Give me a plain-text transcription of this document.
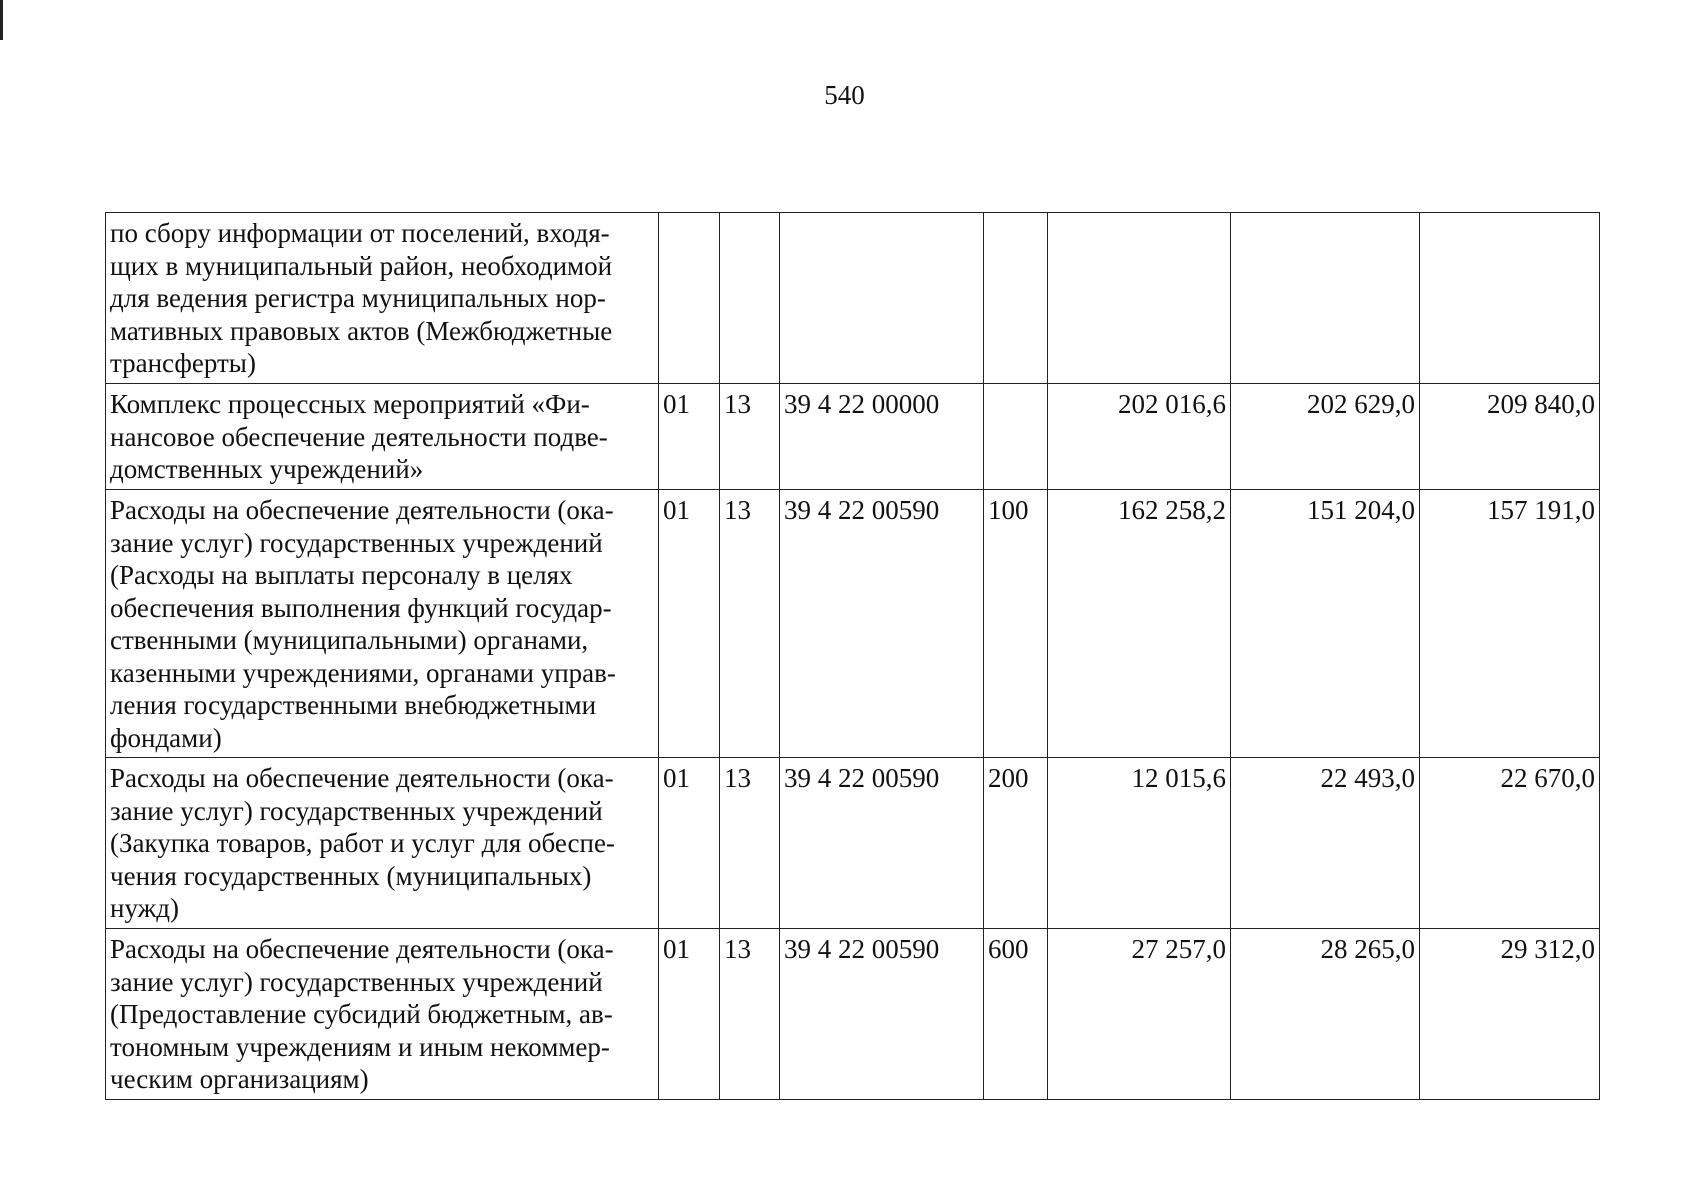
540
по сбору информации от поселений, входя-щих в муниципальный район, необходимой для ведения регистра муниципальных нор-мативных правовых актов (Межбюджетные трансферты)							
Комплекс процессных мероприятий «Фи-нансовое обеспечение деятельности подве-домственных учреждений»	01	13	39 4 22 00000		202 016,6	202 629,0	209 840,0
Расходы на обеспечение деятельности (ока-зание услуг) государственных учреждений (Расходы на выплаты персоналу в целях обеспечения выполнения функций государ-ственными (муниципальными) органами, казенными учреждениями, органами управ-ления государственными внебюджетными фондами)	01	13	39 4 22 00590	100	162 258,2	151 204,0	157 191,0
Расходы на обеспечение деятельности (ока-зание услуг) государственных учреждений (Закупка товаров, работ и услуг для обеспе-чения государственных (муниципальных) нужд)	01	13	39 4 22 00590	200	12 015,6	22 493,0	22 670,0
Расходы на обеспечение деятельности (ока-зание услуг) государственных учреждений (Предоставление субсидий бюджетным, ав-тономным учреждениям и иным некоммер-ческим организациям)	01	13	39 4 22 00590	600	27 257,0	28 265,0	29 312,0
